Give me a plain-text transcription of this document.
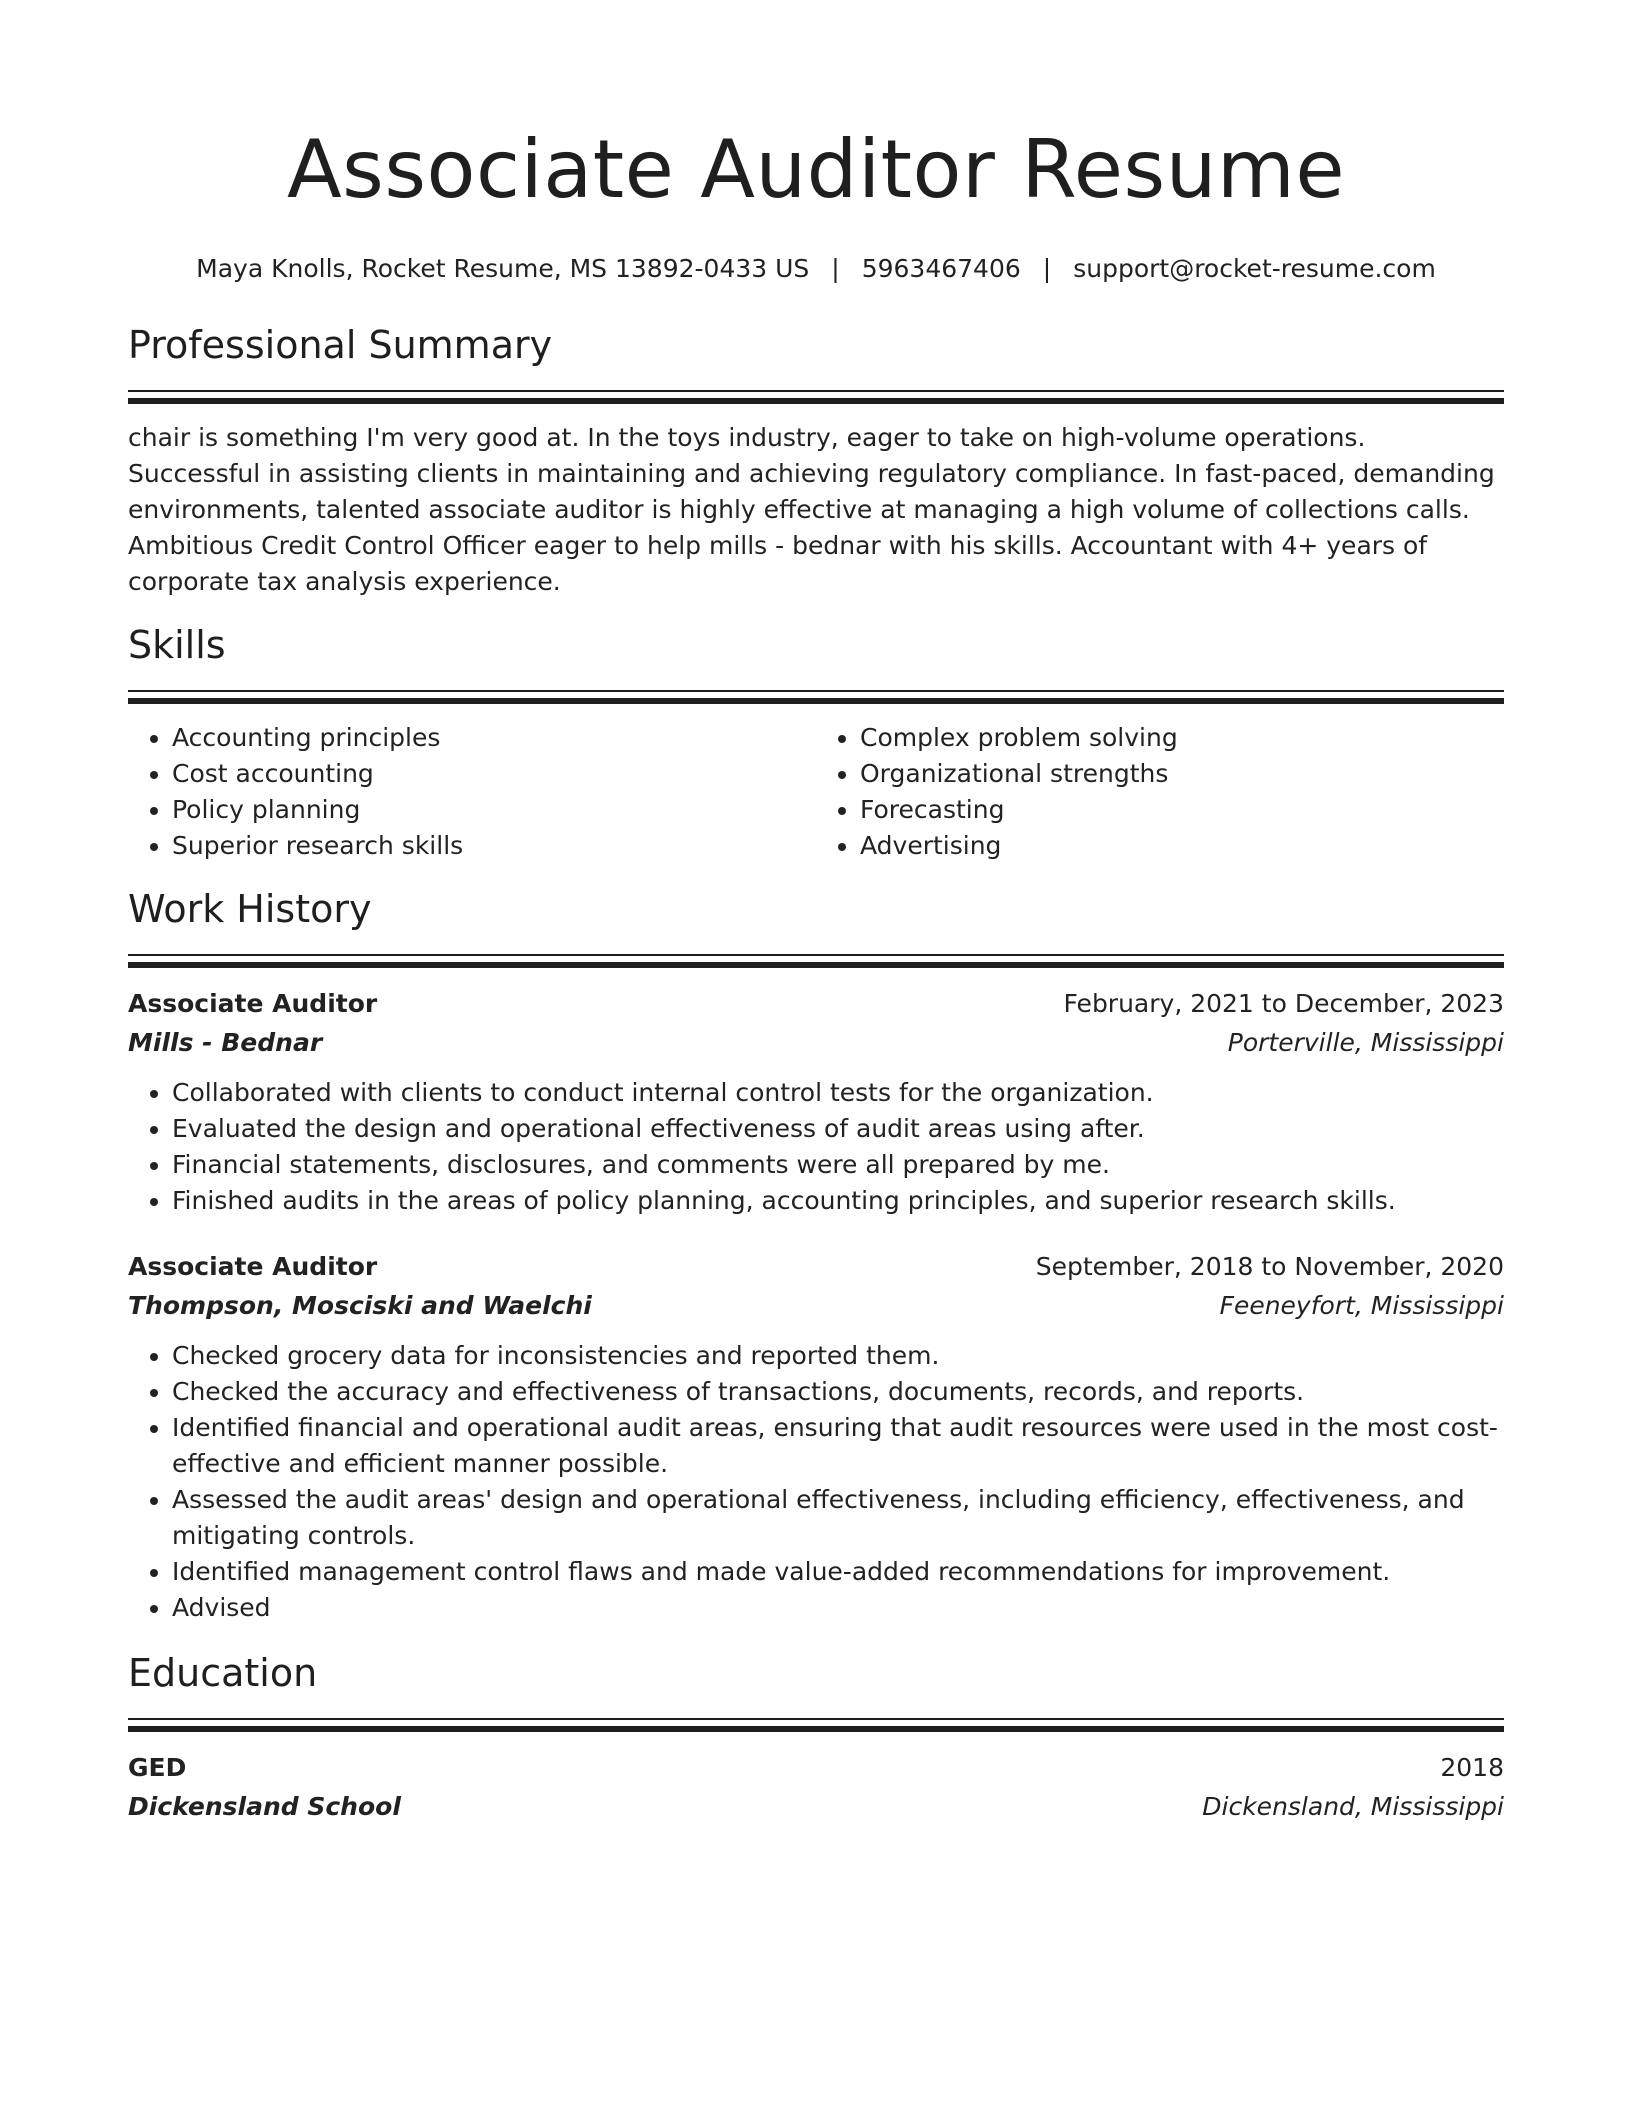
Associate Auditor Resume
Maya Knolls, Rocket Resume, MS 13892-0433 US | 5963467406 | support@rocket-resume.com
Professional Summary

chair is something I'm very good at. In the toys industry, eager to take on high-volume operations. Successful in assisting clients in maintaining and achieving regulatory compliance. In fast-paced, demanding environments, talented associate auditor is highly effective at managing a high volume of collections calls. Ambitious Credit Control Officer eager to help mills - bednar with his skills. Accountant with 4+ years of corporate tax analysis experience.

Skills
• Accounting principles
• Cost accounting
• Policy planning
• Superior research skills
• Complex problem solving
• Organizational strengths
• Forecasting
• Advertising
Work History
Associate Auditor	February, 2021 to December, 2023
Mills - Bednar	Porterville, Mississippi
• Collaborated with clients to conduct internal control tests for the organization.
• Evaluated the design and operational effectiveness of audit areas using after.
• Financial statements, disclosures, and comments were all prepared by me.
• Finished audits in the areas of policy planning, accounting principles, and superior research skills.
Associate Auditor	September, 2018 to November, 2020
Thompson, Mosciski and Waelchi	Feeneyfort, Mississippi
• Checked grocery data for inconsistencies and reported them.
• Checked the accuracy and effectiveness of transactions, documents, records, and reports.
• Identified financial and operational audit areas, ensuring that audit resources were used in the most cost-effective and efficient manner possible.
• Assessed the audit areas' design and operational effectiveness, including efficiency, effectiveness, and mitigating controls.
• Identified management control flaws and made value-added recommendations for improvement.
• Advised
Education
GED	2018
Dickensland School	Dickensland, Mississippi
